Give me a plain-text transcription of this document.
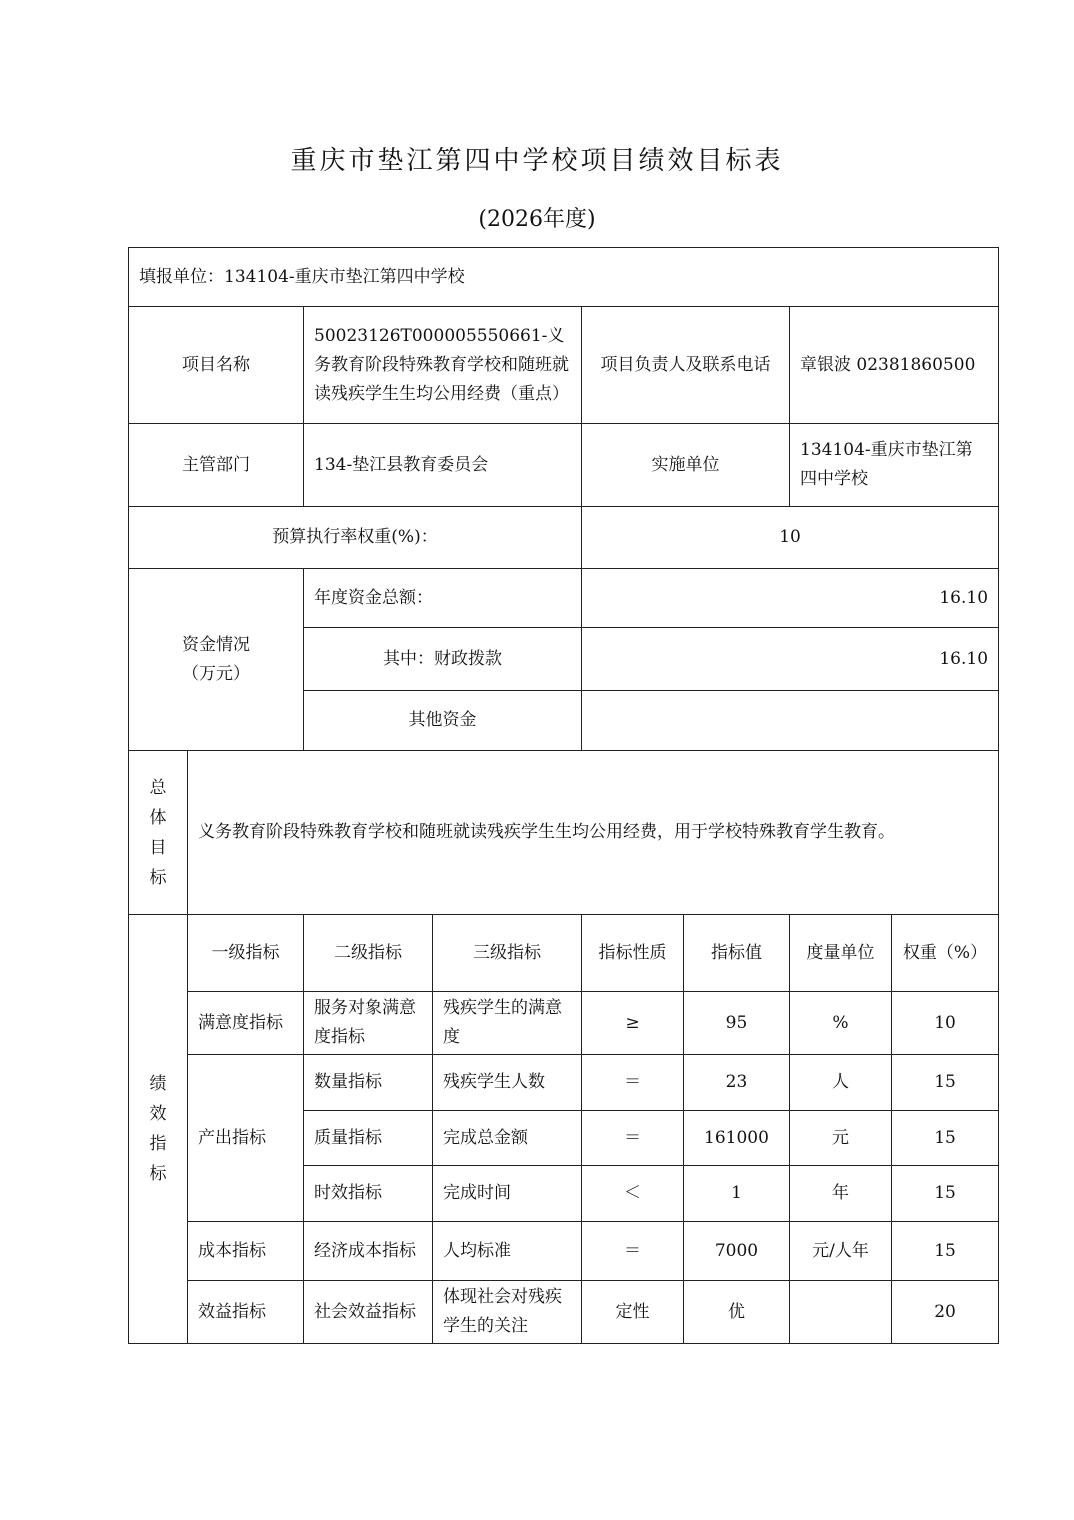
重庆市垫江第四中学校项目绩效目标表
(2026年度)
填报单位：134104-重庆市垫江第四中学校							
项目名称		50023126T000005550661-义务教育阶段特殊教育学校和随班就读残疾学生生均公用经费（重点）		项目负责人及联系电话		章银波 02381860500	
主管部门		134-垫江县教育委员会		实施单位		134104-重庆市垫江第四中学校	
预算执行率权重(%)：				10			
资金情况（万元）		年度资金总额：		16.10			
		其中：财政拨款		16.10			
		其他资金					

总体目标	义务教育阶段特殊教育学校和随班就读残疾学生生均公用经费，用于学校特殊教育学生教育。						

绩效指标	一级指标	二级指标	三级指标	指标性质	指标值	度量单位	权重（%）
	满意度指标	服务对象满意度指标	残疾学生的满意度	≥	95	%	10
	产出指标	数量指标	残疾学生人数	＝	23	人	15
		质量指标	完成总金额	＝	161000	元	15
		时效指标	完成时间	＜	1	年	15
	成本指标	经济成本指标	人均标准	＝	7000	元/人年	15
	效益指标	社会效益指标	体现社会对残疾学生的关注	定性	优		20
